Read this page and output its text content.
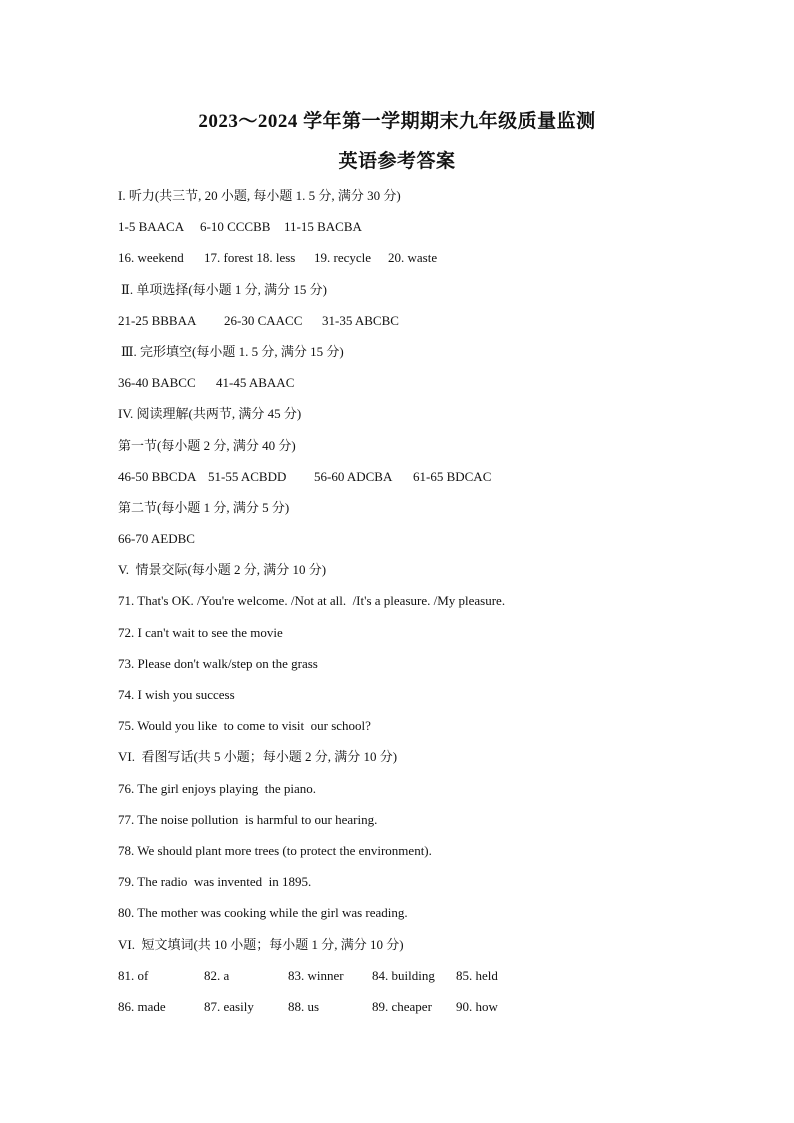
2023～2024 学年第一学期期末九年级质量监测
英语参考答案
I. 听力(共三节, 20 小题, 每小题 1. 5 分, 满分 30 分)
1-5 BAACA 6-10 CCCBB 11-15 BACBA
16. weekend 17. forest 18. less 19. recycle 20. waste
Ⅱ. 单项选择(每小题 1 分, 满分 15 分)
21-25 BBBAA 26-30 CAACC 31-35 ABCBC
Ⅲ. 完形填空(每小题 1. 5 分, 满分 15 分)
36-40 BABCC 41-45 ABAAC
IV. 阅读理解(共两节, 满分 45 分)
第一节(每小题 2 分, 满分 40 分)
46-50 BBCDA 51-55 ACBDD 56-60 ADCBA 61-65 BDCAC
第二节(每小题 1 分, 满分 5 分)
66-70 AEDBC
V.  情景交际(每小题 2 分, 满分 10 分)
71. That's OK. /You're welcome. /Not at all.  /It's a pleasure. /My pleasure.
72. I can't wait to see the movie
73. Please don't walk/step on the grass
74. I wish you success
75. Would you like  to come to visit  our school?
VI.  看图写话(共 5 小题；每小题 2 分, 满分 10 分)
76. The girl enjoys playing  the piano.
77. The noise pollution  is harmful to our hearing.
78. We should plant more trees (to protect the environment).
79. The radio  was invented  in 1895.
80. The mother was cooking while the girl was reading.
VI.  短文填词(共 10 小题；每小题 1 分, 满分 10 分)
81. of	82. a	83. winner 84. building 85. held
86. made	87. easily	88. us	89. cheaper 90. how
